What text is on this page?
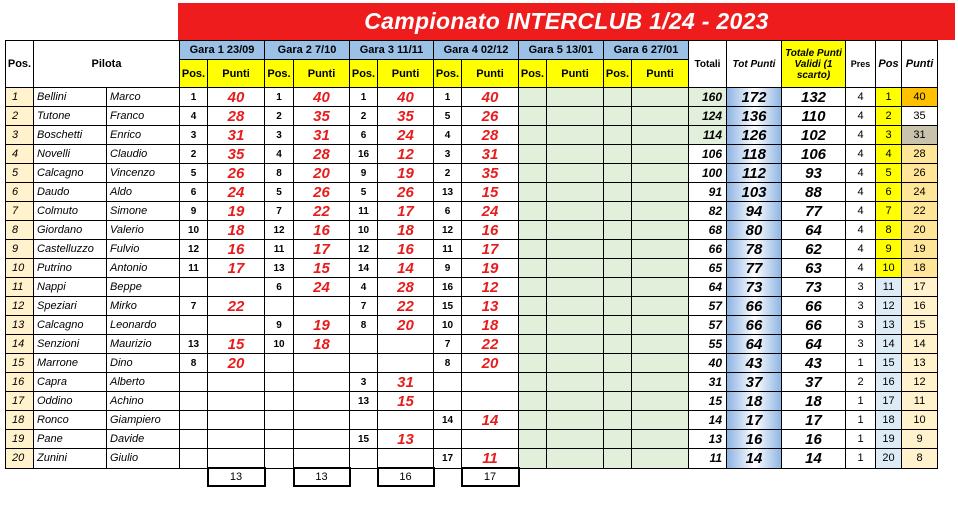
Campionato INTERCLUB 1/24 - 2023
Pos.	Pilota		Gara 1 23/09		Gara 2 7/10		Gara 3 11/11		Gara 4 02/12		Gara 5 13/01		Gara 6 27/01		Totali	Tot Punti	Totale Punti Validi (1 scarto)	Pres	Pos	Punti
			Pos.	Punti	Pos.	Punti	Pos.	Punti	Pos.	Punti	Pos.	Punti	Pos.	Punti						
1	Bellini	Marco	1	40	1	40	1	40	1	40					160	172	132	4	1	40
2	Tutone	Franco	4	28	2	35	2	35	5	26					124	136	110	4	2	35
3	Boschetti	Enrico	3	31	3	31	6	24	4	28					114	126	102	4	3	31
4	Novelli	Claudio	2	35	4	28	16	12	3	31					106	118	106	4	4	28
5	Calcagno	Vincenzo	5	26	8	20	9	19	2	35					100	112	93	4	5	26
6	Daudo	Aldo	6	24	5	26	5	26	13	15					91	103	88	4	6	24
7	Colmuto	Simone	9	19	7	22	11	17	6	24					82	94	77	4	7	22
8	Giordano	Valerio	10	18	12	16	10	18	12	16					68	80	64	4	8	20
9	Castelluzzo	Fulvio	12	16	11	17	12	16	11	17					66	78	62	4	9	19
10	Putrino	Antonio	11	17	13	15	14	14	9	19					65	77	63	4	10	18
11	Nappi	Beppe			6	24	4	28	16	12					64	73	73	3	11	17
12	Speziari	Mirko	7	22			7	22	15	13					57	66	66	3	12	16
13	Calcagno	Leonardo			9	19	8	20	10	18					57	66	66	3	13	15
14	Senzioni	Maurizio	13	15	10	18			7	22					55	64	64	3	14	14
15	Marrone	Dino	8	20					8	20					40	43	43	1	15	13
16	Capra	Alberto					3	31							31	37	37	2	16	12
17	Oddino	Achino					13	15							15	18	18	1	17	11
18	Ronco	Giampiero							14	14					14	17	17	1	18	10
19	Pane	Davide					15	13							13	16	16	1	19	9
20	Zunini	Giulio							17	11					11	14	14	1	20	8
				13		13		16		17										
